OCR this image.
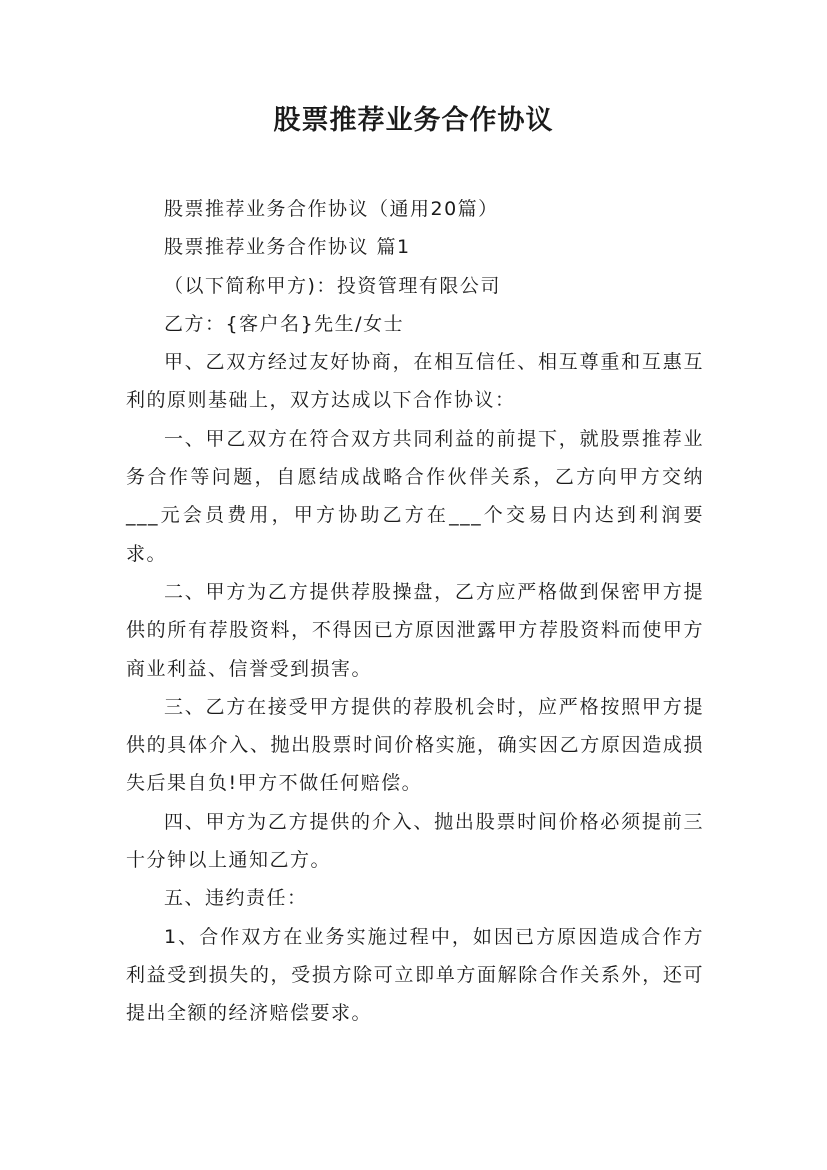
股票推荐业务合作协议

股票推荐业务合作协议（通用20篇）

股票推荐业务合作协议 篇1

（以下简称甲方)：投资管理有限公司

乙方：{客户名}先生/女士

甲、乙双方经过友好协商，在相互信任、相互尊重和互惠互利的原则基础上，双方达成以下合作协议：

一、甲乙双方在符合双方共同利益的前提下，就股票推荐业务合作等问题，自愿结成战略合作伙伴关系，乙方向甲方交纳___元会员费用，甲方协助乙方在___个交易日内达到利润要求。

二、甲方为乙方提供荐股操盘，乙方应严格做到保密甲方提供的所有荐股资料，不得因已方原因泄露甲方荐股资料而使甲方商业利益、信誉受到损害。

三、乙方在接受甲方提供的荐股机会时，应严格按照甲方提供的具体介入、抛出股票时间价格实施，确实因乙方原因造成损失后果自负!甲方不做任何赔偿。

四、甲方为乙方提供的介入、抛出股票时间价格必须提前三十分钟以上通知乙方。

五、违约责任：

1、合作双方在业务实施过程中，如因已方原因造成合作方利益受到损失的，受损方除可立即单方面解除合作关系外，还可提出全额的经济赔偿要求。
